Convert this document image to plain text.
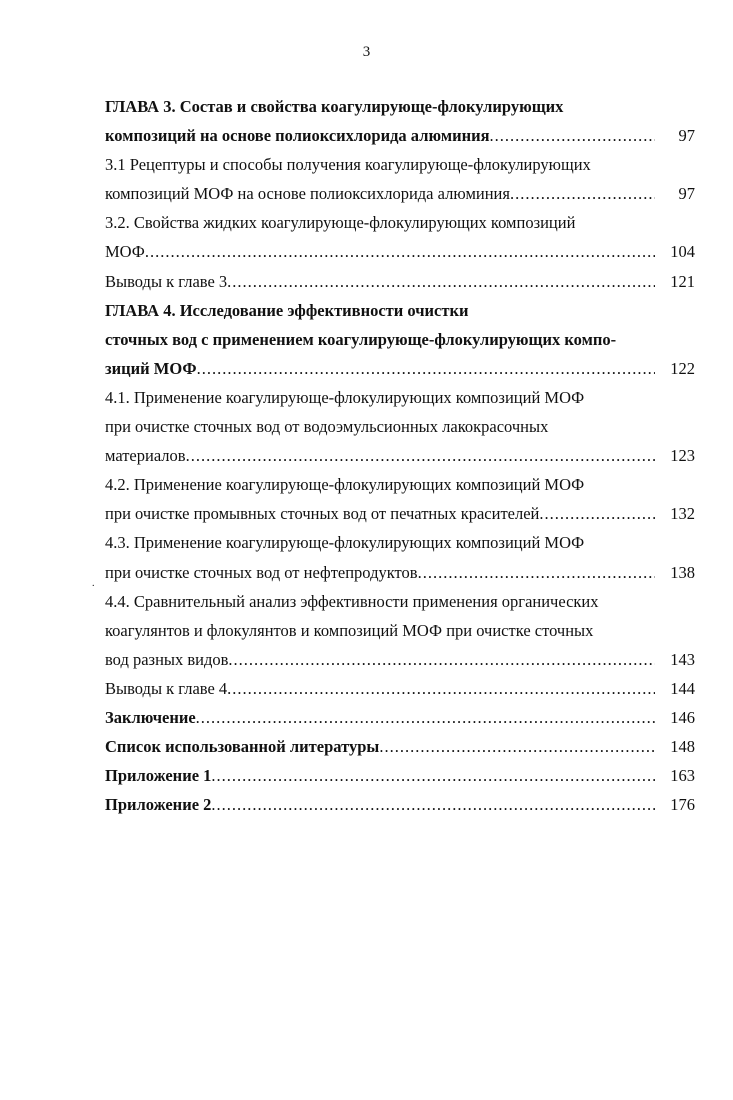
3
.
ГЛАВА 3. Состав и свойства коагулирующе-флокулирующих
композиций на основе полиоксихлорида алюминия .....	97
3.1 Рецептуры и способы получения коагулирующе-флокулирующих
композиций МОФ на основе полиоксихлорида алюминия .....	97
3.2. Свойства жидких коагулирующе-флокулирующих композиций
МОФ .....	104
Выводы к главе 3 .....	121
ГЛАВА 4. Исследование эффективности очистки
сточных вод с применением коагулирующе-флокулирующих компо-
зиций МОФ .....	122
4.1. Применение коагулирующе-флокулирующих композиций МОФ
при очистке сточных вод от водоэмульсионных лакокрасочных
материалов .....	123
4.2. Применение коагулирующе-флокулирующих композиций МОФ
при очистке промывных сточных вод от печатных красителей .....	132
4.3. Применение коагулирующе-флокулирующих композиций МОФ
при очистке сточных вод от нефтепродуктов .....	138
4.4. Сравнительный анализ эффективности применения органических
коагулянтов и флокулянтов и композиций МОФ при очистке сточных
вод разных видов .....	143
Выводы к главе 4 .....	144
Заключение .....	146
Список использованной литературы .....	148
Приложение 1 .....	163
Приложение 2 .....	176
